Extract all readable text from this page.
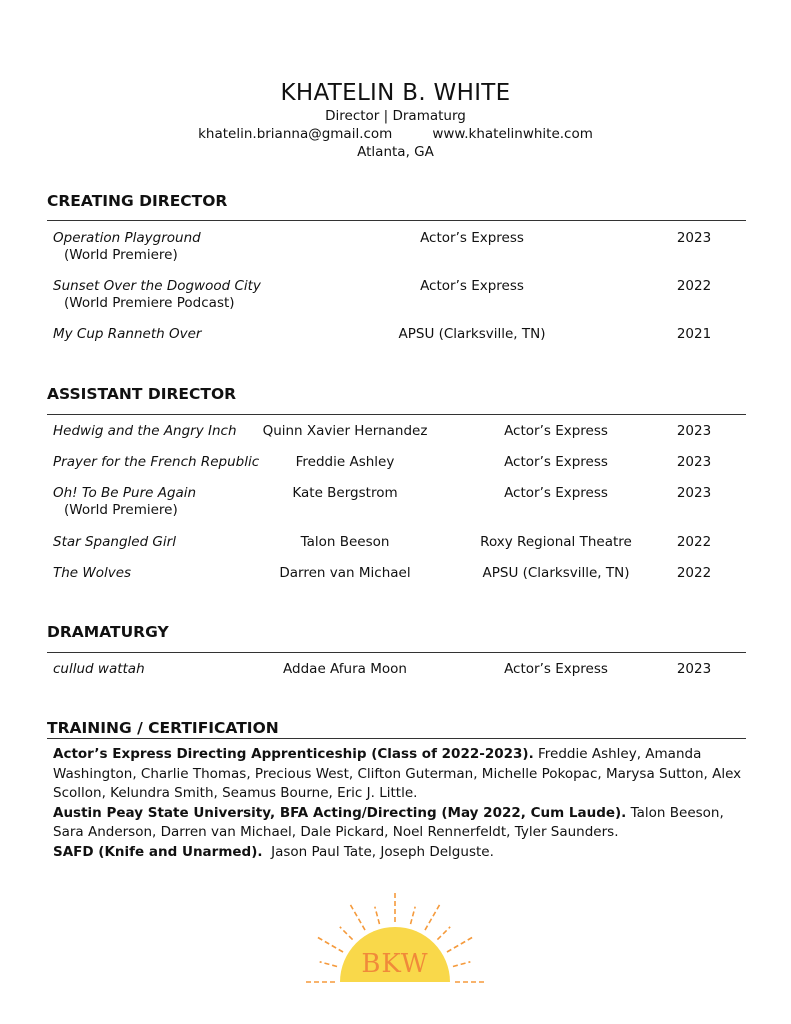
KHATELIN B. WHITE
Director | Dramaturg
khatelin.brianna@gmail.com	www.khatelinwhite.com
Atlanta, GA
CREATING DIRECTOR
Operation Playground
(World Premiere)
Actor’s Express	2023
Sunset Over the Dogwood City
(World Premiere Podcast)
Actor’s Express	2022
My Cup Ranneth Over	APSU (Clarksville, TN)	2021
ASSISTANT DIRECTOR
Hedwig and the Angry Inch	Quinn Xavier Hernandez	Actor’s Express	2023
Prayer for the French Republic	Freddie Ashley	Actor’s Express	2023
Oh! To Be Pure Again
(World Premiere)
Kate Bergstrom	Actor’s Express	2023
Star Spangled Girl	Talon Beeson	Roxy Regional Theatre	2022
The Wolves	Darren van Michael	APSU (Clarksville, TN)	2022
DRAMATURGY
cullud wattah	Addae Afura Moon	Actor’s Express	2023
TRAINING / CERTIFICATION

Actor’s Express Directing Apprenticeship (Class of 2022-2023). Freddie Ashley, Amanda Washington, Charlie Thomas, Precious West, Clifton Guterman, Michelle Pokopac, Marysa Sutton, Alex Scollon, Kelundra Smith, Seamus Bourne, Eric J. Little.

Austin Peay State University, BFA Acting/Directing (May 2022, Cum Laude). Talon Beeson, Sara Anderson, Darren van Michael, Dale Pickard, Noel Rennerfeldt, Tyler Saunders.

SAFD (Knife and Unarmed).  Jason Paul Tate, Joseph Delguste.

BKW
